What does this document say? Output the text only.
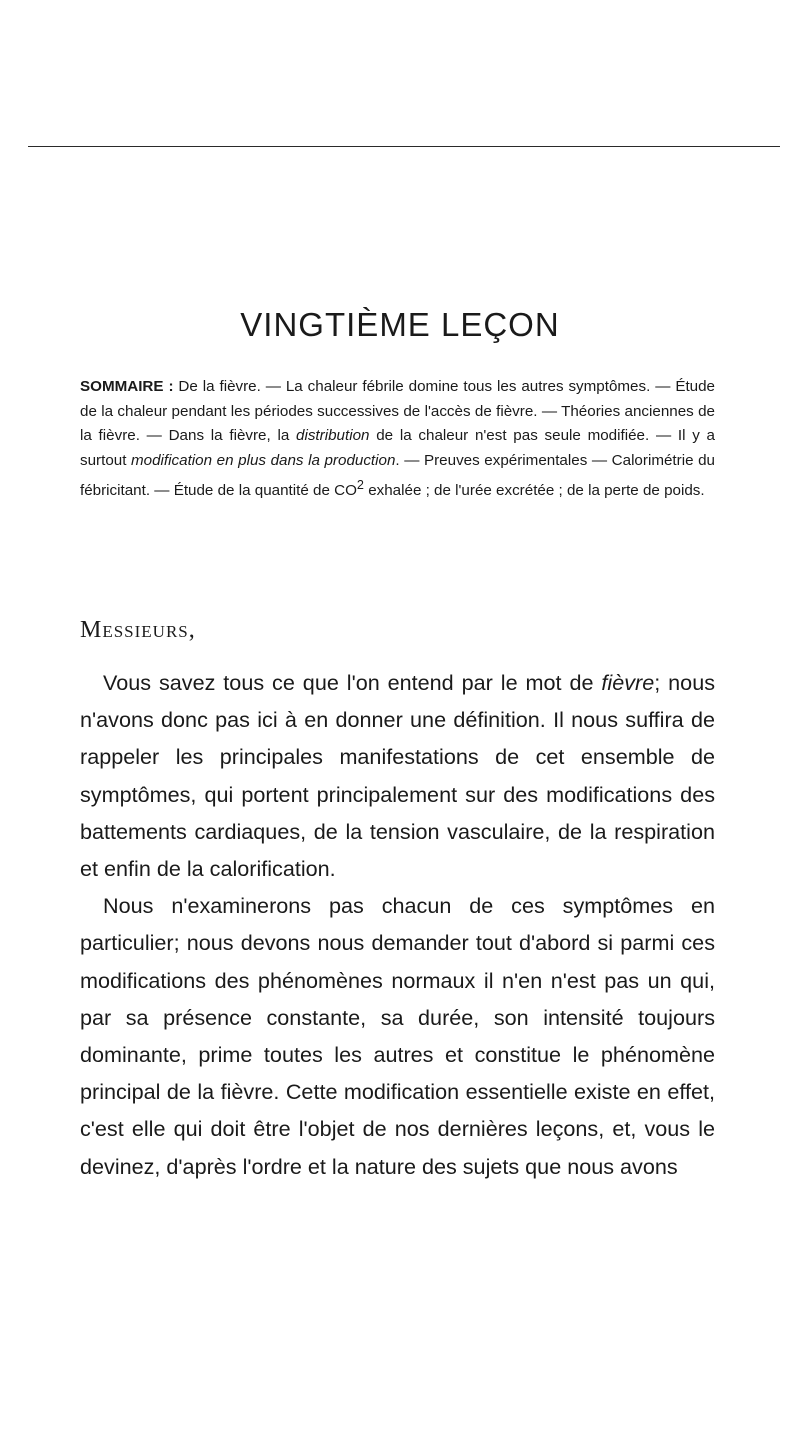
VINGTIÈME LEÇON

SOMMAIRE : De la fièvre. — La chaleur fébrile domine tous les autres symptômes. — Étude de la chaleur pendant les périodes successives de l'accès de fièvre. — Théories anciennes de la fièvre. — Dans la fièvre, la distribution de la chaleur n'est pas seule modifiée. — Il y a surtout modification en plus dans la production. — Preuves expérimentales — Calorimétrie du fébricitant. — Étude de la quantité de $CO^2$ exhalée ; de l'urée excrétée ; de la perte de poids.

Messieurs,

Vous savez tous ce que l'on entend par le mot de fièvre; nous n'avons donc pas ici à en donner une définition. Il nous suffira de rappeler les principales manifestations de cet ensemble de symptômes, qui portent principalement sur des modifications des battements cardiaques, de la tension vasculaire, de la respiration et enfin de la calorification.

Nous n'examinerons pas chacun de ces symptômes en particulier; nous devons nous demander tout d'abord si parmi ces modifications des phénomènes normaux il n'en n'est pas un qui, par sa présence constante, sa durée, son intensité toujours dominante, prime toutes les autres et constitue le phénomène principal de la fièvre. Cette modification essentielle existe en effet, c'est elle qui doit être l'objet de nos dernières leçons, et, vous le devinez, d'après l'ordre et la nature des sujets que nous avons
